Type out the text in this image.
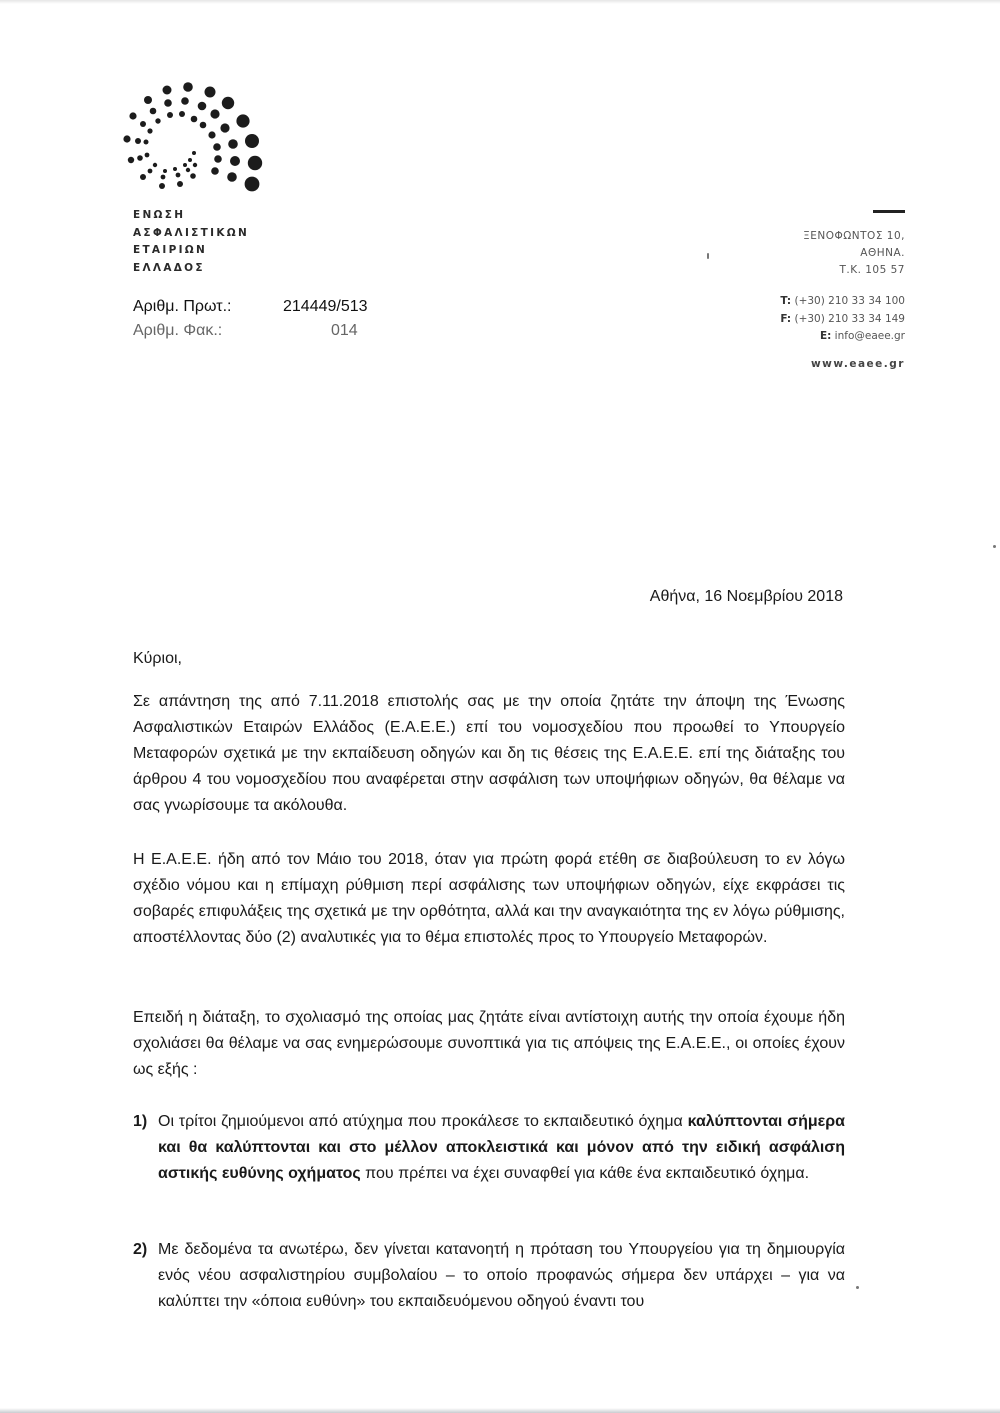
ΕΝΩΣΗ
ΑΣΦΑΛΙΣΤΙΚΩΝ
ΕΤΑΙΡΙΩΝ
ΕΛΛΑΔΟΣ
Αριθμ. Πρωτ.:	214449/513
Αριθμ. Φακ.:	014
ΞΕΝΟΦΩΝΤΟΣ 10,
ΑΘΗΝΑ.
Τ.Κ. 105 57
T: (+30) 210 33 34 100
F: (+30) 210 33 34 149
E: info@eaee.gr
www.eaee.gr
Αθήνα, 16 Νοεμβρίου 2018
Κύριοι,
Σε απάντηση της από 7.11.2018 επιστολής σας με την οποία ζητάτε την άποψη της Ένωσης Ασφαλιστικών Εταιρών Ελλάδος (Ε.Α.Ε.Ε.) επί του νομοσχεδίου που προωθεί το Υπουργείο Μεταφορών σχετικά με την εκπαίδευση οδηγών και δη τις θέσεις της Ε.Α.Ε.Ε. επί της διάταξης του άρθρου 4 του νομοσχεδίου που αναφέρεται στην ασφάλιση των υποψήφιων οδηγών, θα θέλαμε να σας γνωρίσουμε τα ακόλουθα.
Η Ε.Α.Ε.Ε. ήδη από τον Μάιο του 2018, όταν για πρώτη φορά ετέθη σε διαβούλευση το εν λόγω σχέδιο νόμου και η επίμαχη ρύθμιση περί ασφάλισης των υποψήφιων οδηγών, είχε εκφράσει τις σοβαρές επιφυλάξεις της σχετικά με την ορθότητα, αλλά και την αναγκαιότητα της εν λόγω ρύθμισης, αποστέλλοντας δύο (2) αναλυτικές για το θέμα επιστολές προς το Υπουργείο Μεταφορών.
Επειδή η διάταξη, το σχολιασμό της οποίας μας ζητάτε είναι αντίστοιχη αυτής την οποία έχουμε ήδη σχολιάσει θα θέλαμε να σας ενημερώσουμε συνοπτικά για τις απόψεις της Ε.Α.Ε.Ε., οι οποίες έχουν ως εξής :
1) Οι τρίτοι ζημιούμενοι από ατύχημα που προκάλεσε το εκπαιδευτικό όχημα καλύπτονται σήμερα και θα καλύπτονται και στο μέλλον αποκλειστικά και μόνον από την ειδική ασφάλιση αστικής ευθύνης οχήματος που πρέπει να έχει συναφθεί για κάθε ένα εκπαιδευτικό όχημα.
2) Με δεδομένα τα ανωτέρω, δεν γίνεται κατανοητή η πρόταση του Υπουργείου για τη δημιουργία ενός νέου ασφαλιστηρίου συμβολαίου – το οποίο προφανώς σήμερα δεν υπάρχει – για να καλύπτει την «όποια ευθύνη» του εκπαιδευόμενου οδηγού έναντι του
